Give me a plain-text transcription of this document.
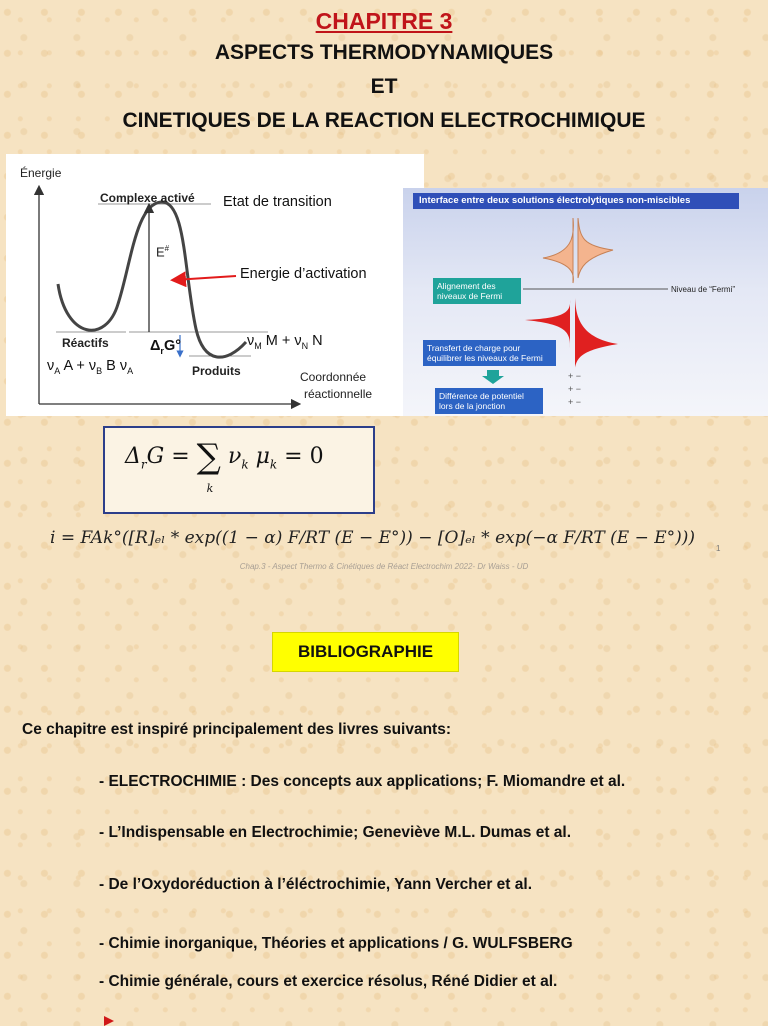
CHAPITRE 3
ASPECTS THERMODYNAMIQUES
ET
CINETIQUES DE LA REACTION ELECTROCHIMIQUE
Énergie
Complexe activé Etat de transition
E#
Energie d’activation
Réactifs	$\Delta_rG^\circ$	$\nu_M$ $M + \nu_N$ N
$\nu_A$ $A + \nu_B$ B $\nu_A$	Produits	Coordonnée
réactionnelle
Interface entre deux solutions électrolytiques non-miscibles
Alignement des niveaux de Fermi
Niveau de “Fermi”
Transfert de charge pour équilibrer les niveaux de Fermi
+ −
+ −
+ −
Différence de potentiel lors de la jonction
$\Delta_rG$ = ∑
k
$\nu_k$ $\mu_k = 0$
i = FAk°([R]ₑₗ * exp((1 − α) F/RT (E − E°)) − [O]ₑₗ * exp(−α F/RT (E − E°)))
1
Chap.3 - Aspect Thermo & Cinétiques de Réact Electrochim 2022- Dr Waiss - UD
BIBLIOGRAPHIE
Ce chapitre est inspiré principalement des livres suivants:
- ELECTROCHIMIE : Des concepts aux applications; F. Miomandre et al.
- L’Indispensable en Electrochimie; Geneviève M.L. Dumas et al.
- De l’Oxydoréduction à l’éléctrochimie, Yann Vercher et al.
- Chimie inorganique, Théories et applications / G. WULFSBERG
- Chimie générale, cours et exercice résolus, Réné Didier et al.
